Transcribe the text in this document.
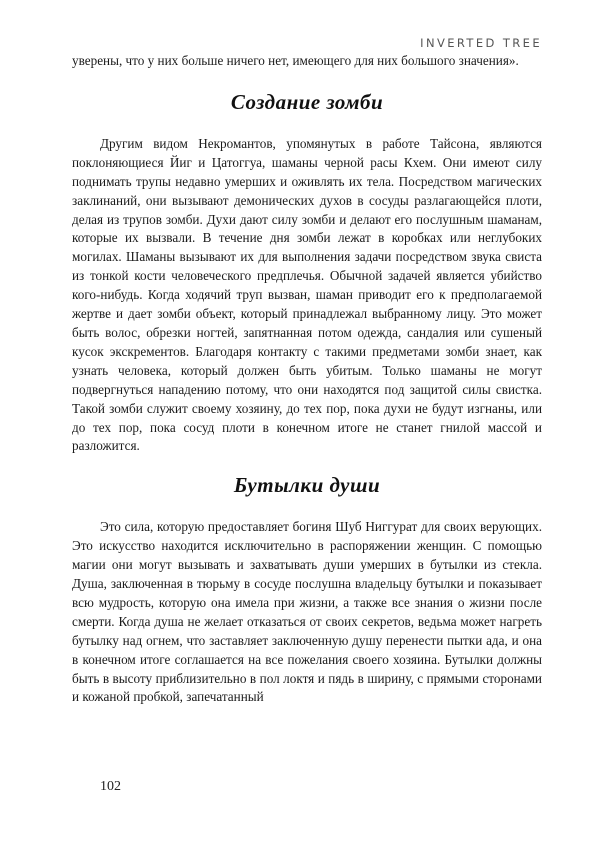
INVERTED TREE

уверены, что у них больше ничего нет, имеющего для них большого значения».

Создание зомби

Другим видом Некромантов, упомянутых в работе Тайсона, являются поклоняющиеся Йиг и Цатоггуа, шаманы черной расы Кхем. Они имеют силу поднимать трупы недавно умерших и оживлять их тела. Посредством магических заклинаний, они вызывают демонических духов в сосуды разлагающейся плоти, делая из трупов зомби. Духи дают силу зомби и делают его послушным шаманам, которые их вызвали. В течение дня зомби лежат в коробках или неглубоких могилах. Шаманы вызывают их для выполнения задачи посредством звука свиста из тонкой кости человеческого предплечья. Обычной задачей является убийство кого-нибудь. Когда ходячий труп вызван, шаман приводит его к предполагаемой жертве и дает зомби объект, который принадлежал выбранному лицу. Это может быть волос, обрезки ногтей, запятнанная потом одежда, сандалия или сушеный кусок экскрементов. Благодаря контакту с такими предметами зомби знает, как узнать человека, который должен быть убитым. Только шаманы не могут подвергнуться нападению потому, что они находятся под защитой силы свистка. Такой зомби служит своему хозяину, до тех пор, пока духи не будут изгнаны, или до тех пор, пока сосуд плоти в конечном итоге не станет гнилой массой и разложится.

Бутылки души

Это сила, которую предоставляет богиня Шуб Ниггурат для своих верующих. Это искусство находится исключительно в распоряжении женщин. С помощью магии они могут вызывать и захватывать души умерших в бутылки из стекла. Душа, заключенная в тюрьму в сосуде послушна владельцу бутылки и показывает всю мудрость, которую она имела при жизни, а также все знания о жизни после смерти. Когда душа не желает отказаться от своих секретов, ведьма может нагреть бутылку над огнем, что заставляет заключенную душу перенести пытки ада, и она в конечном итоге соглашается на все пожелания своего хозяина. Бутылки должны быть в высоту приблизительно в пол локтя и пядь в ширину, с прямыми сторонами и кожаной пробкой, запечатанный

102
